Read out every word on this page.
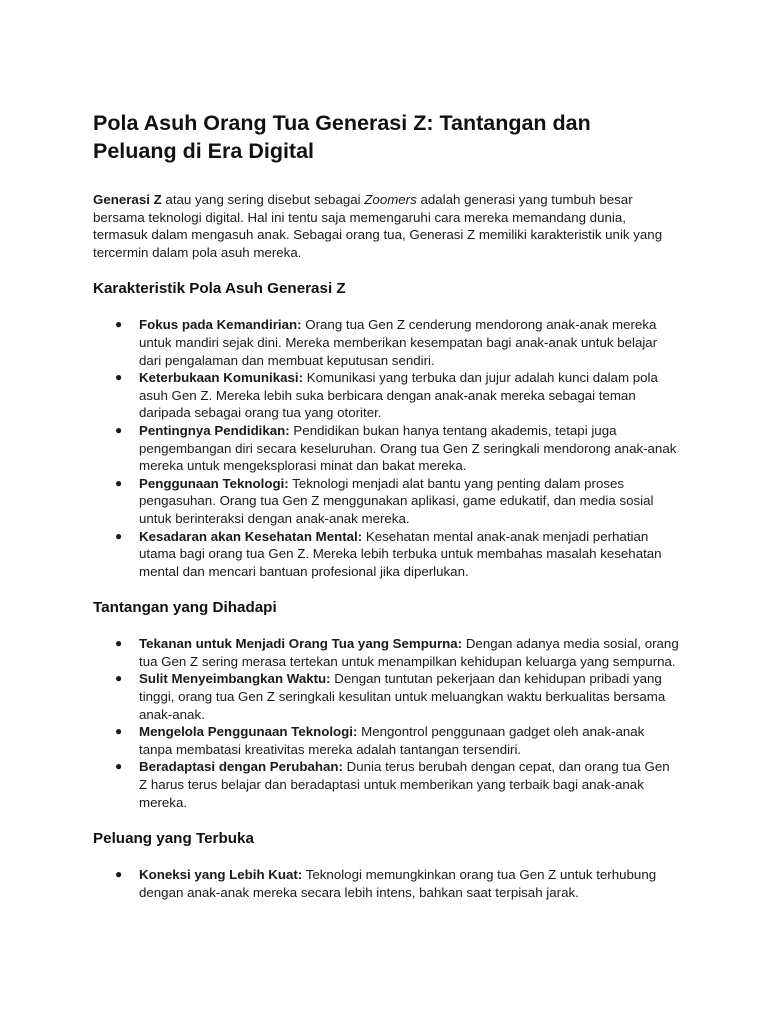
Pola Asuh Orang Tua Generasi Z: Tantangan dan Peluang di Era Digital

Generasi Z atau yang sering disebut sebagai Zoomers adalah generasi yang tumbuh besar bersama teknologi digital. Hal ini tentu saja memengaruhi cara mereka memandang dunia, termasuk dalam mengasuh anak. Sebagai orang tua, Generasi Z memiliki karakteristik unik yang tercermin dalam pola asuh mereka.

Karakteristik Pola Asuh Generasi Z
● Fokus pada Kemandirian: Orang tua Gen Z cenderung mendorong anak-anak mereka untuk mandiri sejak dini. Mereka memberikan kesempatan bagi anak-anak untuk belajar dari pengalaman dan membuat keputusan sendiri.
● Keterbukaan Komunikasi: Komunikasi yang terbuka dan jujur adalah kunci dalam pola asuh Gen Z. Mereka lebih suka berbicara dengan anak-anak mereka sebagai teman daripada sebagai orang tua yang otoriter.
● Pentingnya Pendidikan: Pendidikan bukan hanya tentang akademis, tetapi juga pengembangan diri secara keseluruhan. Orang tua Gen Z seringkali mendorong anak-anak mereka untuk mengeksplorasi minat dan bakat mereka.
● Penggunaan Teknologi: Teknologi menjadi alat bantu yang penting dalam proses pengasuhan. Orang tua Gen Z menggunakan aplikasi, game edukatif, dan media sosial untuk berinteraksi dengan anak-anak mereka.
● Kesadaran akan Kesehatan Mental: Kesehatan mental anak-anak menjadi perhatian utama bagi orang tua Gen Z. Mereka lebih terbuka untuk membahas masalah kesehatan mental dan mencari bantuan profesional jika diperlukan.
Tantangan yang Dihadapi
● Tekanan untuk Menjadi Orang Tua yang Sempurna: Dengan adanya media sosial, orang tua Gen Z sering merasa tertekan untuk menampilkan kehidupan keluarga yang sempurna.
● Sulit Menyeimbangkan Waktu: Dengan tuntutan pekerjaan dan kehidupan pribadi yang tinggi, orang tua Gen Z seringkali kesulitan untuk meluangkan waktu berkualitas bersama anak-anak.
● Mengelola Penggunaan Teknologi: Mengontrol penggunaan gadget oleh anak-anak tanpa membatasi kreativitas mereka adalah tantangan tersendiri.
● Beradaptasi dengan Perubahan: Dunia terus berubah dengan cepat, dan orang tua Gen Z harus terus belajar dan beradaptasi untuk memberikan yang terbaik bagi anak-anak mereka.
Peluang yang Terbuka
● Koneksi yang Lebih Kuat: Teknologi memungkinkan orang tua Gen Z untuk terhubung dengan anak-anak mereka secara lebih intens, bahkan saat terpisah jarak.
